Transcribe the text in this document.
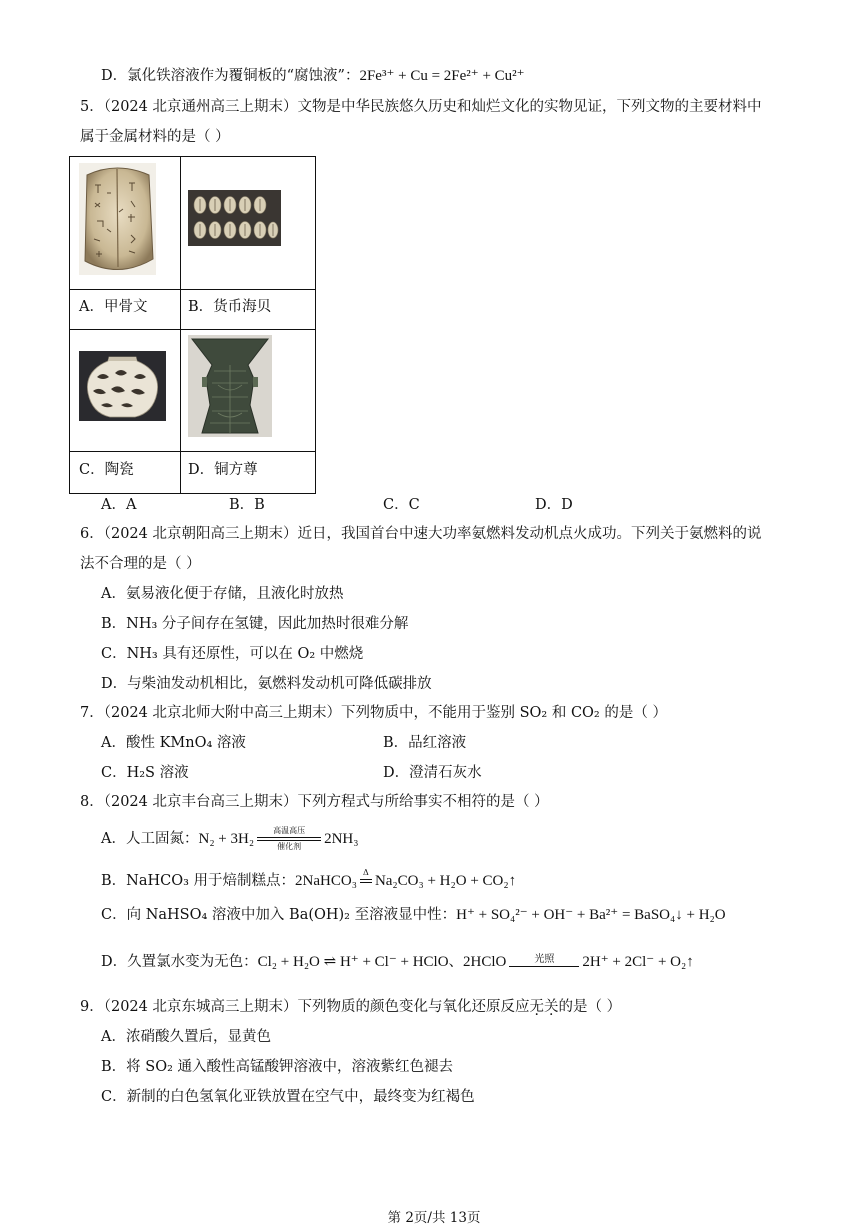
D．氯化铁溶液作为覆铜板的“腐蚀液”：2Fe³⁺ + Cu = 2Fe²⁺ + Cu²⁺
5．（2024 北京通州高三上期末）文物是中华民族悠久历史和灿烂文化的实物见证，下列文物的主要材料中
属于金属材料的是（ ）
A．甲骨文	B．货币海贝
C．陶瓷	D．铜方尊
A．A	B．B	C．C	D．D
6．（2024 北京朝阳高三上期末）近日，我国首台中速大功率氨燃料发动机点火成功。下列关于氨燃料的说
法不合理的是（ ）
A．氨易液化便于存储，且液化时放热
B．NH₃ 分子间存在氢键，因此加热时很难分解
C．NH₃ 具有还原性，可以在 O₂ 中燃烧
D．与柴油发动机相比，氨燃料发动机可降低碳排放
7．（2024 北京北师大附中高三上期末）下列物质中，不能用于鉴别 SO₂ 和 CO₂ 的是（ ）
A．酸性 KMnO₄ 溶液	B．品红溶液
C．H₂S 溶液	D．澄清石灰水
8．（2024 北京丰台高三上期末）下列方程式与所给事实不相符的是（ ）
A．人工固氮：N₂ + 3H₂
高温高压
催化剂	2NH₃
B．NaHCO₃ 用于焙制糕点：2NaHCO₃
Δ

Na₂CO₃ + H₂O + CO₂↑
C．向 NaHSO₄ 溶液中加入 Ba(OH)₂ 至溶液显中性：H⁺ + SO₄²⁻ + OH⁻ + Ba²⁺ = BaSO₄↓ + H₂O
D．久置氯水变为无色：Cl₂ + H₂O ⇌ H⁺ + Cl⁻ + HClO、2HClO	光照	2H⁺ + 2Cl⁻ + O₂↑
9．（2024 北京东城高三上期末）下列物质的颜色变化与氧化还原反应无关的是（ ）
A．浓硝酸久置后，显黄色
B．将 SO₂ 通入酸性高锰酸钾溶液中，溶液紫红色褪去
C．新制的白色氢氧化亚铁放置在空气中，最终变为红褐色
第 2页/共 13页
